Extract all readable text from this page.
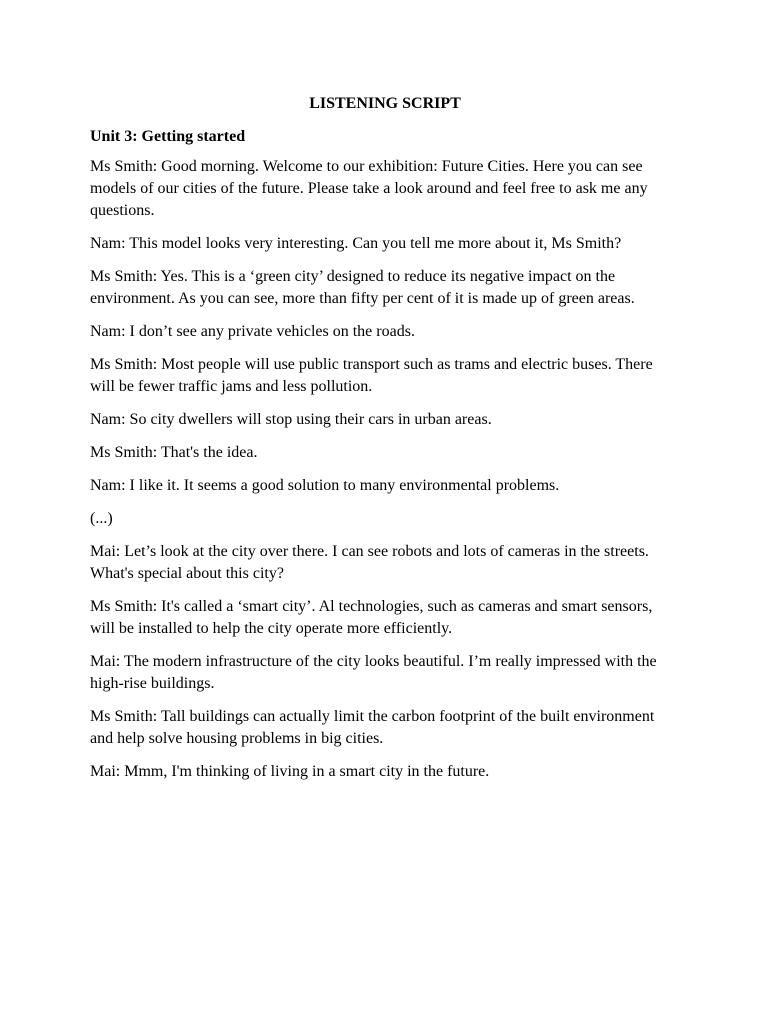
LISTENING SCRIPT
Unit 3: Getting started

Ms Smith: Good morning. Welcome to our exhibition: Future Cities. Here you can see models of our cities of the future. Please take a look around and feel free to ask me any questions.

Nam: This model looks very interesting. Can you tell me more about it, Ms Smith?

Ms Smith: Yes. This is a ‘green city’ designed to reduce its negative impact on the environment. As you can see, more than fifty per cent of it is made up of green areas.

Nam: I don’t see any private vehicles on the roads.

Ms Smith: Most people will use public transport such as trams and electric buses. There will be fewer traffic jams and less pollution.

Nam: So city dwellers will stop using their cars in urban areas.

Ms Smith: That's the idea.

Nam: I like it. It seems a good solution to many environmental problems.

(...)

Mai: Let’s look at the city over there. I can see robots and lots of cameras in the streets. What's special about this city?

Ms Smith: It's called a ‘smart city’. Al technologies, such as cameras and smart sensors, will be installed to help the city operate more efficiently.

Mai: The modern infrastructure of the city looks beautiful. I’m really impressed with the high-rise buildings.

Ms Smith: Tall buildings can actually limit the carbon footprint of the built environment and help solve housing problems in big cities.

Mai: Mmm, I'm thinking of living in a smart city in the future.
